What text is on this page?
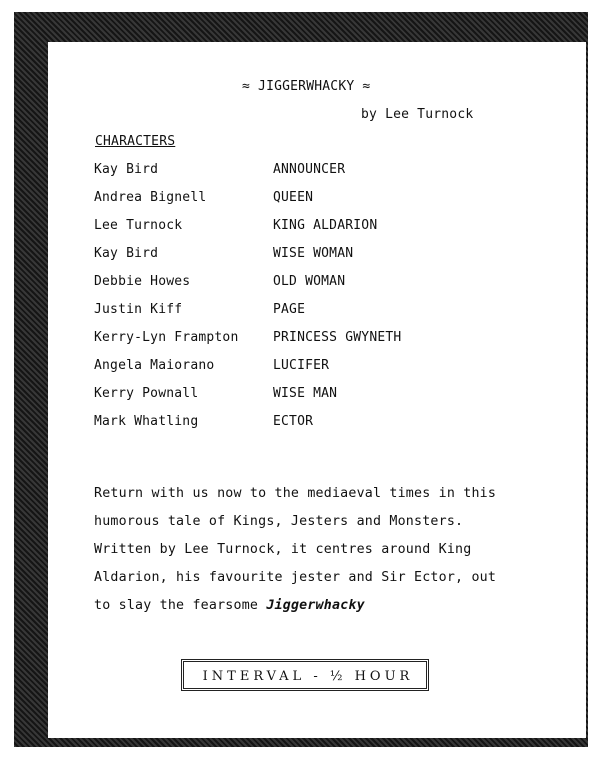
≈ JIGGERWHACKY ≈
by Lee Turnock
CHARACTERS
Kay Bird	ANNOUNCER
Andrea Bignell	QUEEN
Lee Turnock	KING ALDARION
Kay Bird	WISE WOMAN
Debbie Howes	OLD WOMAN
Justin Kiff	PAGE
Kerry-Lyn Frampton	PRINCESS GWYNETH
Angela Maiorano	LUCIFER
Kerry Pownall	WISE MAN
Mark Whatling	ECTOR
Return with us now to the mediaeval times in this
humorous tale of Kings, Jesters and Monsters.
Written by Lee Turnock, it centres around King
Aldarion, his favourite jester and Sir Ector, out
to slay the fearsome Jiggerwhacky
INTERVAL - ½ HOUR
